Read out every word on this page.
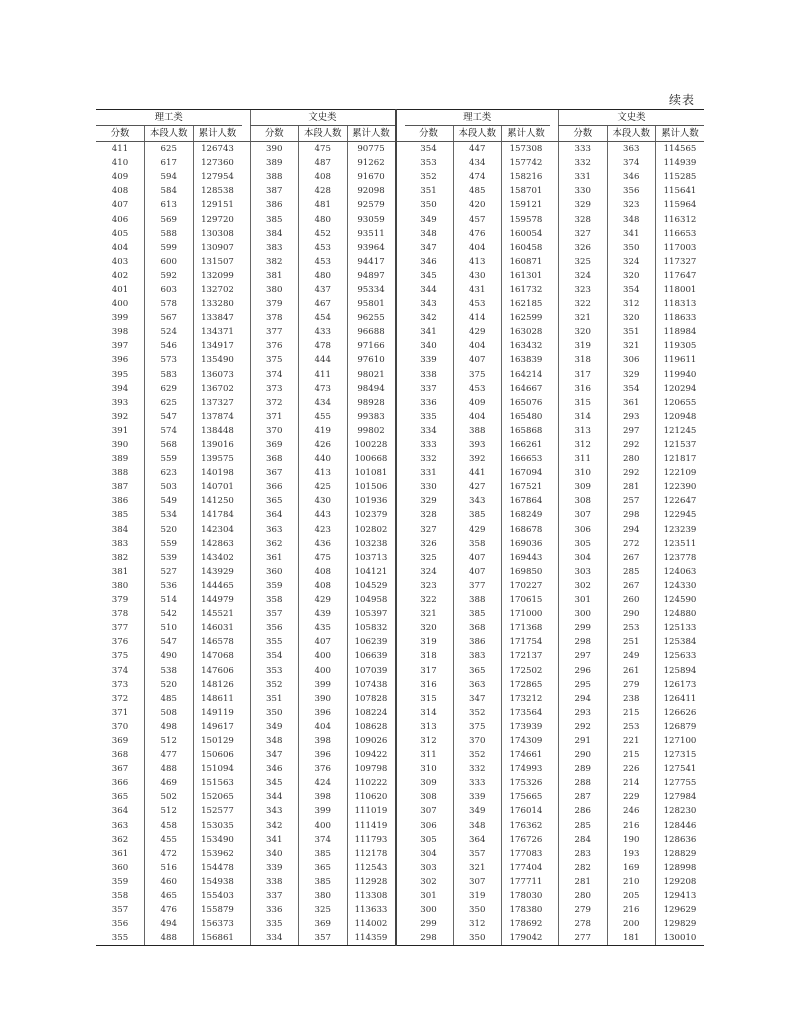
续表
理工类				文史类				理工类				文史类		
分数	本段人数	累计人数		分数	本段人数	累计人数		分数	本段人数	累计人数		分数	本段人数	累计人数
411	625	126743		390	475	90775		354	447	157308		333	363	114565
410	617	127360		389	487	91262		353	434	157742		332	374	114939
409	594	127954		388	408	91670		352	474	158216		331	346	115285
408	584	128538		387	428	92098		351	485	158701		330	356	115641
407	613	129151		386	481	92579		350	420	159121		329	323	115964
406	569	129720		385	480	93059		349	457	159578		328	348	116312
405	588	130308		384	452	93511		348	476	160054		327	341	116653
404	599	130907		383	453	93964		347	404	160458		326	350	117003
403	600	131507		382	453	94417		346	413	160871		325	324	117327
402	592	132099		381	480	94897		345	430	161301		324	320	117647
401	603	132702		380	437	95334		344	431	161732		323	354	118001
400	578	133280		379	467	95801		343	453	162185		322	312	118313
399	567	133847		378	454	96255		342	414	162599		321	320	118633
398	524	134371		377	433	96688		341	429	163028		320	351	118984
397	546	134917		376	478	97166		340	404	163432		319	321	119305
396	573	135490		375	444	97610		339	407	163839		318	306	119611
395	583	136073		374	411	98021		338	375	164214		317	329	119940
394	629	136702		373	473	98494		337	453	164667		316	354	120294
393	625	137327		372	434	98928		336	409	165076		315	361	120655
392	547	137874		371	455	99383		335	404	165480		314	293	120948
391	574	138448		370	419	99802		334	388	165868		313	297	121245
390	568	139016		369	426	100228		333	393	166261		312	292	121537
389	559	139575		368	440	100668		332	392	166653		311	280	121817
388	623	140198		367	413	101081		331	441	167094		310	292	122109
387	503	140701		366	425	101506		330	427	167521		309	281	122390
386	549	141250		365	430	101936		329	343	167864		308	257	122647
385	534	141784		364	443	102379		328	385	168249		307	298	122945
384	520	142304		363	423	102802		327	429	168678		306	294	123239
383	559	142863		362	436	103238		326	358	169036		305	272	123511
382	539	143402		361	475	103713		325	407	169443		304	267	123778
381	527	143929		360	408	104121		324	407	169850		303	285	124063
380	536	144465		359	408	104529		323	377	170227		302	267	124330
379	514	144979		358	429	104958		322	388	170615		301	260	124590
378	542	145521		357	439	105397		321	385	171000		300	290	124880
377	510	146031		356	435	105832		320	368	171368		299	253	125133
376	547	146578		355	407	106239		319	386	171754		298	251	125384
375	490	147068		354	400	106639		318	383	172137		297	249	125633
374	538	147606		353	400	107039		317	365	172502		296	261	125894
373	520	148126		352	399	107438		316	363	172865		295	279	126173
372	485	148611		351	390	107828		315	347	173212		294	238	126411
371	508	149119		350	396	108224		314	352	173564		293	215	126626
370	498	149617		349	404	108628		313	375	173939		292	253	126879
369	512	150129		348	398	109026		312	370	174309		291	221	127100
368	477	150606		347	396	109422		311	352	174661		290	215	127315
367	488	151094		346	376	109798		310	332	174993		289	226	127541
366	469	151563		345	424	110222		309	333	175326		288	214	127755
365	502	152065		344	398	110620		308	339	175665		287	229	127984
364	512	152577		343	399	111019		307	349	176014		286	246	128230
363	458	153035		342	400	111419		306	348	176362		285	216	128446
362	455	153490		341	374	111793		305	364	176726		284	190	128636
361	472	153962		340	385	112178		304	357	177083		283	193	128829
360	516	154478		339	365	112543		303	321	177404		282	169	128998
359	460	154938		338	385	112928		302	307	177711		281	210	129208
358	465	155403		337	380	113308		301	319	178030		280	205	129413
357	476	155879		336	325	113633		300	350	178380		279	216	129629
356	494	156373		335	369	114002		299	312	178692		278	200	129829
355	488	156861		334	357	114359		298	350	179042		277	181	130010
